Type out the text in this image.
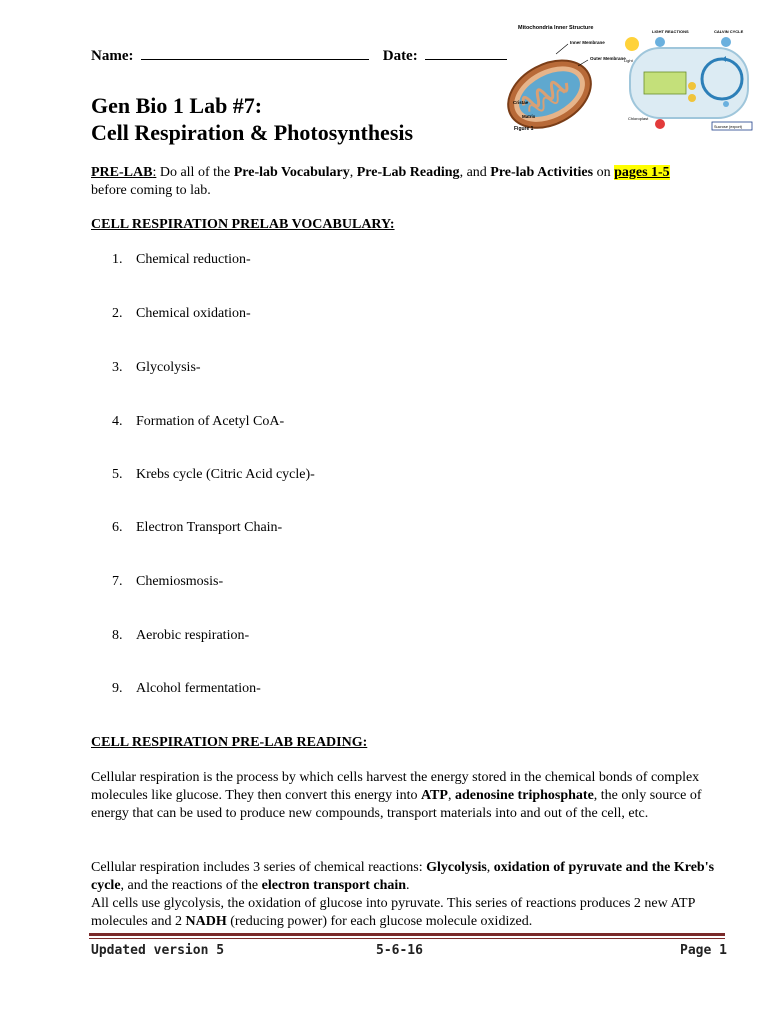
Name:	Date:
Gen Bio 1 Lab #7:
Cell Respiration & Photosynthesis
Mitochondria Inner Structure
Inner Membrane
Outer Membrane
Cristae
Matrix
Figure 1
LIGHT REACTIONS	CALVIN CYCLE
Light
Chloroplast
Sucrose (export)
PRE-LAB: Do all of the Pre-lab Vocabulary, Pre-Lab Reading, and Pre-lab Activities on pages 1-5
before coming to lab.
CELL RESPIRATION PRELAB VOCABULARY:
1. Chemical reduction-
2. Chemical oxidation-
3. Glycolysis-
4. Formation of Acetyl CoA-
5. Krebs cycle (Citric Acid cycle)-
6. Electron Transport Chain-
7. Chemiosmosis-
8. Aerobic respiration-
9. Alcohol fermentation-
CELL RESPIRATION PRE-LAB READING:
Cellular respiration is the process by which cells harvest the energy stored in the chemical bonds of complex molecules like glucose. They then convert this energy into ATP, adenosine triphosphate, the only source of energy that can be used to produce new compounds, transport materials into and out of the cell, etc.
Cellular respiration includes 3 series of chemical reactions: Glycolysis, oxidation of pyruvate and the Kreb's cycle, and the reactions of the electron transport chain.
All cells use glycolysis, the oxidation of glucose into pyruvate. This series of reactions produces 2 new ATP molecules and 2 NADH (reducing power) for each glucose molecule oxidized.
Updated version 5	5-6-16	Page 1
